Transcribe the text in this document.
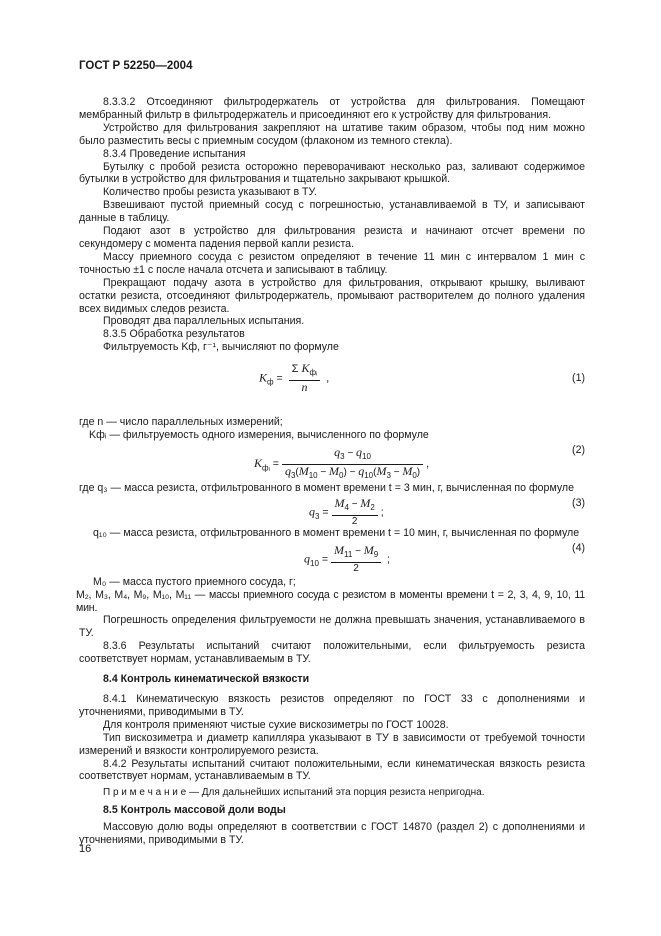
ГОСТ Р 52250—2004

8.3.3.2 Отсоединяют фильтродержатель от устройства для фильтрования. Помещают мембранный фильтр в фильтродержатель и присоединяют его к устройству для фильтрования.

Устройство для фильтрования закрепляют на штативе таким образом, чтобы под ним можно было разместить весы с приемным сосудом (флаконом из темного стекла).

8.3.4 Проведение испытания

Бутылку с пробой резиста осторожно переворачивают несколько раз, заливают содержимое бутылки в устройство для фильтрования и тщательно закрывают крышкой.

Количество пробы резиста указывают в ТУ.

Взвешивают пустой приемный сосуд с погрешностью, устанавливаемой в ТУ, и записывают данные в таблицу.

Подают азот в устройство для фильтрования резиста и начинают отсчет времени по секундомеру с момента падения первой капли резиста.

Массу приемного сосуда с резистом определяют в течение 11 мин с интервалом 1 мин с точностью ±1 с после начала отсчета и записывают в таблицу.

Прекращают подачу азота в устройство для фильтрования, открывают крышку, выливают остатки резиста, отсоединяют фильтродержатель, промывают растворителем до полного удаления всех видимых следов резиста.

Проводят два параллельных испытания.

8.3.5 Обработка результатов

Фильтруемость Kф, г⁻¹, вычисляют по формуле

$K_ф = \frac{\Sigma K_{фᵢ}}{n}$ ,	(1)

где n — число параллельных измерений;

Kфᵢ — фильтруемость одного измерения, вычисленного по формуле

$K_{фᵢ} = \frac{q_3 - q_{10}}{q_3(M_{10} - M_0) - q_{10}(M_3 - M_0)}$ ,
(2)

где q₃ — масса резиста, отфильтрованного в момент времени t = 3 мин, г, вычисленная по формуле

$q_3 = \frac{M_4 - M_2}{2}$ ;
(3)

q₁₀ — масса резиста, отфильтрованного в момент времени t = 10 мин, г, вычисленная по формуле

$q_{10} = \frac{M_{11} - M_9}{2}$ ;
(4)

M₀ — масса пустого приемного сосуда, г;

M₂, M₃, M₄, M₉, M₁₀, M₁₁ — массы приемного сосуда с резистом в моменты времени t = 2, 3, 4, 9, 10, 11 мин.

Погрешность определения фильтруемости не должна превышать значения, устанавливаемого в ТУ.

8.3.6 Результаты испытаний считают положительными, если фильтруемость резиста соответствует нормам, устанавливаемым в ТУ.

8.4 Контроль кинематической вязкости

8.4.1 Кинематическую вязкость резистов определяют по ГОСТ 33 с дополнениями и уточнениями, приводимыми в ТУ.

Для контроля применяют чистые сухие вискозиметры по ГОСТ 10028.

Тип вискозиметра и диаметр капилляра указывают в ТУ в зависимости от требуемой точности измерений и вязкости контролируемого резиста.

8.4.2 Результаты испытаний считают положительными, если кинематическая вязкость резиста соответствует нормам, устанавливаемым в ТУ.

П р и м е ч а н и е — Для дальнейших испытаний эта порция резиста непригодна.

8.5 Контроль массовой доли воды

Массовую долю воды определяют в соответствии с ГОСТ 14870 (раздел 2) с дополнениями и уточнениями, приводимыми в ТУ.

16
